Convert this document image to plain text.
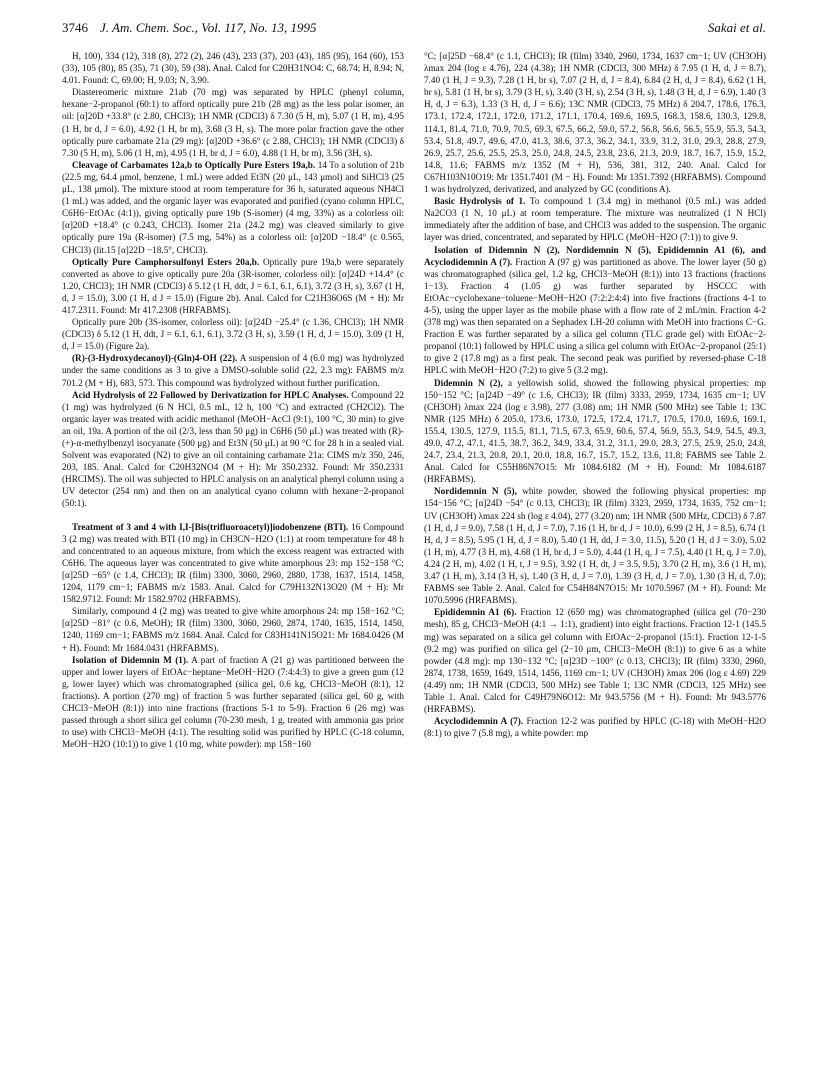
3746 J. Am. Chem. Soc., Vol. 117, No. 13, 1995	Sakai et al.

H, 100), 334 (12), 318 (8), 272 (2), 246 (43), 233 (37), 203 (43), 185 (95), 164 (60), 153 (33), 105 (80), 85 (35), 71 (30), 59 (38). Anal. Calcd for C20H31NO4: C, 68.74; H, 8.94; N, 4.01. Found: C, 69.00; H, 9.03; N, 3.90.

Diastereomeric mixture 21ab (70 mg) was separated by HPLC (phenyl column, hexane−2-propanol (60:1) to afford optically pure 21b (28 mg) as the less polar isomer, an oil: [α]20D +33.8° (c 2.80, CHCl3); 1H NMR (CDCl3) δ 7.30 (5 H, m), 5.07 (1 H, m), 4.95 (1 H, br d, J = 6.0), 4.92 (1 H, br m), 3.68 (3 H, s). The more polar fraction gave the other optically pure carbamate 21a (29 mg): [α]20D +36.6° (c 2.88, CHCl3); 1H NMR (CDCl3) δ 7.30 (5 H, m), 5.06 (1 H, m), 4.95 (1 H, br d, J = 6.0), 4.88 (1 H, br m), 3.56 (3H, s).

Cleavage of Carbamates 12a,b to Optically Pure Esters 19a,b. 14 To a solution of 21b (22.5 mg, 64.4 μmol, benzene, 1 mL) were added Et3N (20 μL, 143 μmol) and SiHCl3 (25 μL, 138 μmol). The mixture stood at room temperature for 36 h, saturated aqueous NH4Cl (1 mL) was added, and the organic layer was evaporated and purified (cyano column HPLC, C6H6−EtOAc (4:1)), giving optically pure 19b (S-isomer) (4 mg, 33%) as a colorless oil: [α]20D +18.4° (c 0.243, CHCl3). Isomer 21a (24.2 mg) was cleaved similarly to give optically pure 19a (R-isomer) (7.5 mg, 54%) as a colorless oil: [α]20D −18.4° (c 0.565, CHCl3) (lit.15 [α]22D −18.5°, CHCl3).

Optically Pure Camphorsulfonyl Esters 20a,b. Optically pure 19a,b were separately converted as above to give optically pure 20a (3R-isomer, colorless oil): [α]24D +14.4° (c 1.20, CHCl3); 1H NMR (CDCl3) δ 5.12 (1 H, ddt, J = 6.1, 6.1, 6.1), 3.72 (3 H, s), 3.67 (1 H, d, J = 15.0), 3.00 (1 H, d J = 15.0) (Figure 2b). Anal. Calcd for C21H36O6S (M + H): Mr 417.2311. Found: Mr 417.2308 (HRFABMS).

Optically pure 20b (3S-isomer, colorless oil): [α]24D −25.4° (c 1.36, CHCl3); 1H NMR (CDCl3) δ 5.12 (1 H, ddt, J = 6.1, 6.1, 6.1), 3.72 (3 H, s), 3.59 (1 H, d, J = 15.0), 3.09 (1 H, d, J = 15.0) (Figure 2a).

(R)-(3-Hydroxydecanoyl)-(Gln)4-OH (22). A suspension of 4 (6.0 mg) was hydrolyzed under the same conditions as 3 to give a DMSO-soluble solid (22, 2.3 mg): FABMS m/z 701.2 (M + H), 683, 573. This compound was hydrolyzed without further purification.

Acid Hydrolysis of 22 Followed by Derivatization for HPLC Analyses. Compound 22 (1 mg) was hydrolyzed (6 N HCl, 0.5 mL, 12 h, 100 °C) and extracted (CH2Cl2). The organic layer was treated with acidic methanol (MeOH−AcCl (9:1), 100 °C, 30 min) to give an oil, 19a. A portion of the oil (2/3, less than 50 μg) in C6H6 (50 μL) was treated with (R)-(+)-α-methylbenzyl isocyanate (500 μg) and Et3N (50 μL) at 90 °C for 28 h in a sealed vial. Solvent was evaporated (N2) to give an oil containing carbamate 21a: CIMS m/z 350, 246, 203, 185. Anal. Calcd for C20H32NO4 (M + H): Mr 350.2332. Found: Mr 350.2331 (HRCIMS). The oil was subjected to HPLC analysis on an analytical phenyl column using a UV detector (254 nm) and then on an analytical cyano column with hexane−2-propanol (50:1).

Treatment of 3 and 4 with I,I-[Bis(trifluoroacetyl)]iodobenzene (BTI). 16 Compound 3 (2 mg) was treated with BTI (10 mg) in CH3CN−H2O (1:1) at room temperature for 48 h and concentrated to an aqueous mixture, from which the excess reagent was extracted with C6H6. The aqueous layer was concentrated to give white amorphous 23: mp 152−158 °C; [α]25D −65° (c 1.4, CHCl3); IR (film) 3300, 3060, 2960, 2880, 1738, 1637, 1514, 1458, 1204, 1179 cm−1; FABMS m/z 1583. Anal. Calcd for C79H132N13O20 (M + H): Mr 1582.9712. Found: Mr 1582.9702 (HRFABMS).

Similarly, compound 4 (2 mg) was treated to give white amorphous 24: mp 158−162 °C; [α]25D −81° (c 0.6, MeOH); IR (film) 3300, 3060, 2960, 2874, 1740, 1635, 1514, 1450, 1240, 1169 cm−1; FABMS m/z 1684. Anal. Calcd for C83H141N15O21: Mr 1684.0426 (M + H). Found: Mr 1684.0431 (HRFABMS).

Isolation of Didemnin M (1). A part of fraction A (21 g) was partitioned between the upper and lower layers of EtOAc−heptane−MeOH−H2O (7:4:4:3) to give a green gum (12 g, lower layer) which was chromatographed (silica gel, 0.6 kg, CHCl3−MeOH (8:1), 12 fractions). A portion (270 mg) of fraction 5 was further separated (silica gel, 60 g, with CHCl3−MeOH (8:1)) into nine fractions (fractions 5-1 to 5-9). Fraction 6 (26 mg) was passed through a short silica gel column (70-230 mesh, 1 g, treated with ammonia gas prior to use) with CHCl3−MeOH (4:1). The resulting solid was purified by HPLC (C-18 column, MeOH−H2O (10:1)) to give 1 (10 mg, white powder): mp 158−160

°C; [α]25D −68.4° (c 1.1, CHCl3); IR (film) 3340, 2960, 1734, 1637 cm−1; UV (CH3OH) λmax 204 (log ε 4.76), 224 (4.38); 1H NMR (CDCl3, 300 MHz) δ 7.95 (1 H, d, J = 8.7), 7.40 (1 H, J = 9.3), 7.28 (1 H, br s), 7.07 (2 H, d, J = 8.4), 6.84 (2 H, d, J = 8.4), 6.62 (1 H, br s), 5.81 (1 H, br s), 3.79 (3 H, s), 3.40 (3 H, s), 2.54 (3 H, s), 1.48 (3 H, d, J = 6.9), 1.40 (3 H, d, J = 6.3), 1.33 (3 H, d, J = 6.6); 13C NMR (CDCl3, 75 MHz) δ 204.7, 178.6, 176.3, 173.1, 172.4, 172.1, 172.0, 171.2, 171.1, 170.4, 169.6, 169.5, 168.3, 158.6, 130.3, 129.8, 114.1, 81.4, 71.0, 70.9, 70.5, 69.3, 67.5, 66.2, 59.0, 57.2, 56.8, 56.6, 56.5, 55.9, 55.3, 54.3, 53.4, 51.8, 49.7, 49.6, 47.0, 41.3, 38.6, 37.3, 36.2, 34.1, 33.9, 31.2, 31.0, 29.3, 28.8, 27.9, 26.9, 25.7, 25.6, 25.5, 25.3, 25.0, 24.8, 24.5, 23.8, 23.6, 21.3, 20.9, 18.7, 16.7, 15.9, 15.2, 14.8, 11.6; FABMS m/z 1352 (M + H), 536, 381, 312, 240. Anal. Calcd for C67H103N10O19: Mr 1351.7401 (M − H). Found: Mr 1351.7392 (HRFABMS). Compound 1 was hydrolyzed, derivatized, and analyzed by GC (conditions A).

Basic Hydrolysis of 1. To compound 1 (3.4 mg) in methanol (0.5 mL) was added Na2CO3 (1 N, 10 μL) at room temperature. The mixture was neutralized (1 N HCl) immediately after the addition of base, and CHCl3 was added to the suspension. The organic layer was dried, concentrated, and separated by HPLC (MeOH−H2O (7:1)) to give 9.

Isolation of Didemnin N (2), Nordidemnin N (5), Epididemnin A1 (6), and Acyclodidemnin A (7). Fraction A (97 g) was partitioned as above. The lower layer (50 g) was chromatographed (silica gel, 1.2 kg, CHCl3−MeOH (8:1)) into 13 fractions (fractions 1−13). Fraction 4 (1.05 g) was further separated by HSCCC with EtOAc−cyclohexane−toluene−MeOH−H2O (7:2:2:4:4) into five fractions (fractions 4-1 to 4-5), using the upper layer as the mobile phase with a flow rate of 2 mL/min. Fraction 4-2 (378 mg) was then separated on a Sephadex LH-20 column with MeOH into fractions C−G. Fraction E was further separated by a silica gel column (TLC grade gel) with EtOAc−2-propanol (10:1) followed by HPLC using a silica gel column with EtOAc−2-propanol (25:1) to give 2 (17.8 mg) as a first peak. The second peak was purified by reversed-phase C-18 HPLC with MeOH−H2O (7:2) to give 5 (3.2 mg).

Didemnin N (2), a yellowish solid, showed the following physical properties: mp 150−152 °C; [α]24D −49° (c 1.6, CHCl3); IR (film) 3333, 2959, 1734, 1635 cm−1; UV (CH3OH) λmax 224 (log ε 3.98), 277 (3.08) nm; 1H NMR (500 MHz) see Table 1; 13C NMR (125 MHz) δ 205.0, 173.6, 173.0, 172.5, 172.4, 171.7, 170.5, 170.0, 169.6, 169.1, 155.4, 130.5, 127.9, 115.5, 81.1, 71.5, 67.3, 65.9, 60.6, 57.4, 56.9, 55.3, 54.9, 54.5, 49.3, 49.0, 47.2, 47.1, 41.5, 38.7, 36.2, 34.9, 33.4, 31.2, 31.1, 29.0, 28.3, 27.5, 25.9, 25.0, 24.8, 24.7, 23.4, 21.3, 20.8, 20.1, 20.0, 18.8, 16.7, 15.7, 15.2, 13.6, 11.8; FABMS see Table 2. Anal. Calcd for C55H86N7O15: Mr 1084.6182 (M + H). Found: Mr 1084.6187 (HRFABMS).

Nordidemnin N (5), white powder, showed the following physical properties: mp 154−156 °C; [α]24D −54° (c 0.13, CHCl3); IR (film) 3323, 2959, 1734, 1635, 752 cm−1; UV (CH3OH) λmax 224 sh (log ε 4.04), 277 (3.20) nm; 1H NMR (500 MHz, CDCl3) δ 7.87 (1 H, d, J = 9.0), 7.58 (1 H, d, J = 7.0), 7.16 (1 H, br d, J = 10.0), 6.99 (2 H, J = 8.5), 6.74 (1 H, d, J = 8.5), 5.95 (1 H, d, J = 8.0), 5.40 (1 H, dd, J = 3.0, 11.5), 5.20 (1 H, d J = 3.0), 5.02 (1 H, m), 4.77 (3 H, m), 4.68 (1 H, br d, J = 5.0), 4.44 (1 H, q, J = 7.5), 4.40 (1 H, q, J = 7.0), 4.24 (2 H, m), 4.02 (1 H, t, J = 9.5), 3.92 (1 H, dt, J = 3.5, 9.5), 3.70 (2 H, m), 3.6 (1 H, m), 3.47 (1 H, m), 3.14 (3 H, s), 1.40 (3 H, d, J = 7.0), 1.39 (3 H, d, J = 7.0), 1.30 (3 H, d, 7.0); FABMS see Table 2. Anal. Calcd for C54H84N7O15: Mr 1070.5967 (M + H). Found: Mr 1070.5996 (HRFABMS).

Epididemnin A1 (6). Fraction 12 (650 mg) was chromatographed (silica gel (70−230 mesh), 85 g, CHCl3−MeOH (4:1 → 1:1), gradient) into eight fractions. Fraction 12-1 (145.5 mg) was separated on a silica gel column with EtOAc−2-propanol (15:1). Fraction 12-1-5 (9.2 mg) was purified on silica gel (2−10 μm, CHCl3−MeOH (8:1)) to give 6 as a white powder (4.8 mg): mp 130−132 °C; [α]23D −100° (c 0.13, CHCl3); IR (film) 3330, 2960, 2874, 1738, 1659, 1649, 1514, 1456, 1169 cm−1; UV (CH3OH) λmax 206 (log ε 4.69) 229 (4.49) nm; 1H NMR (CDCl3, 500 MHz) see Table 1; 13C NMR (CDCl3, 125 MHz) see Table 1. Anal. Calcd for C49H79N6O12: Mr 943.5756 (M + H). Found: Mr 943.5776 (HRFABMS).

Acyclodidemnin A (7). Fraction 12-2 was purified by HPLC (C-18) with MeOH−H2O (8:1) to give 7 (5.8 mg), a white powder: mp
